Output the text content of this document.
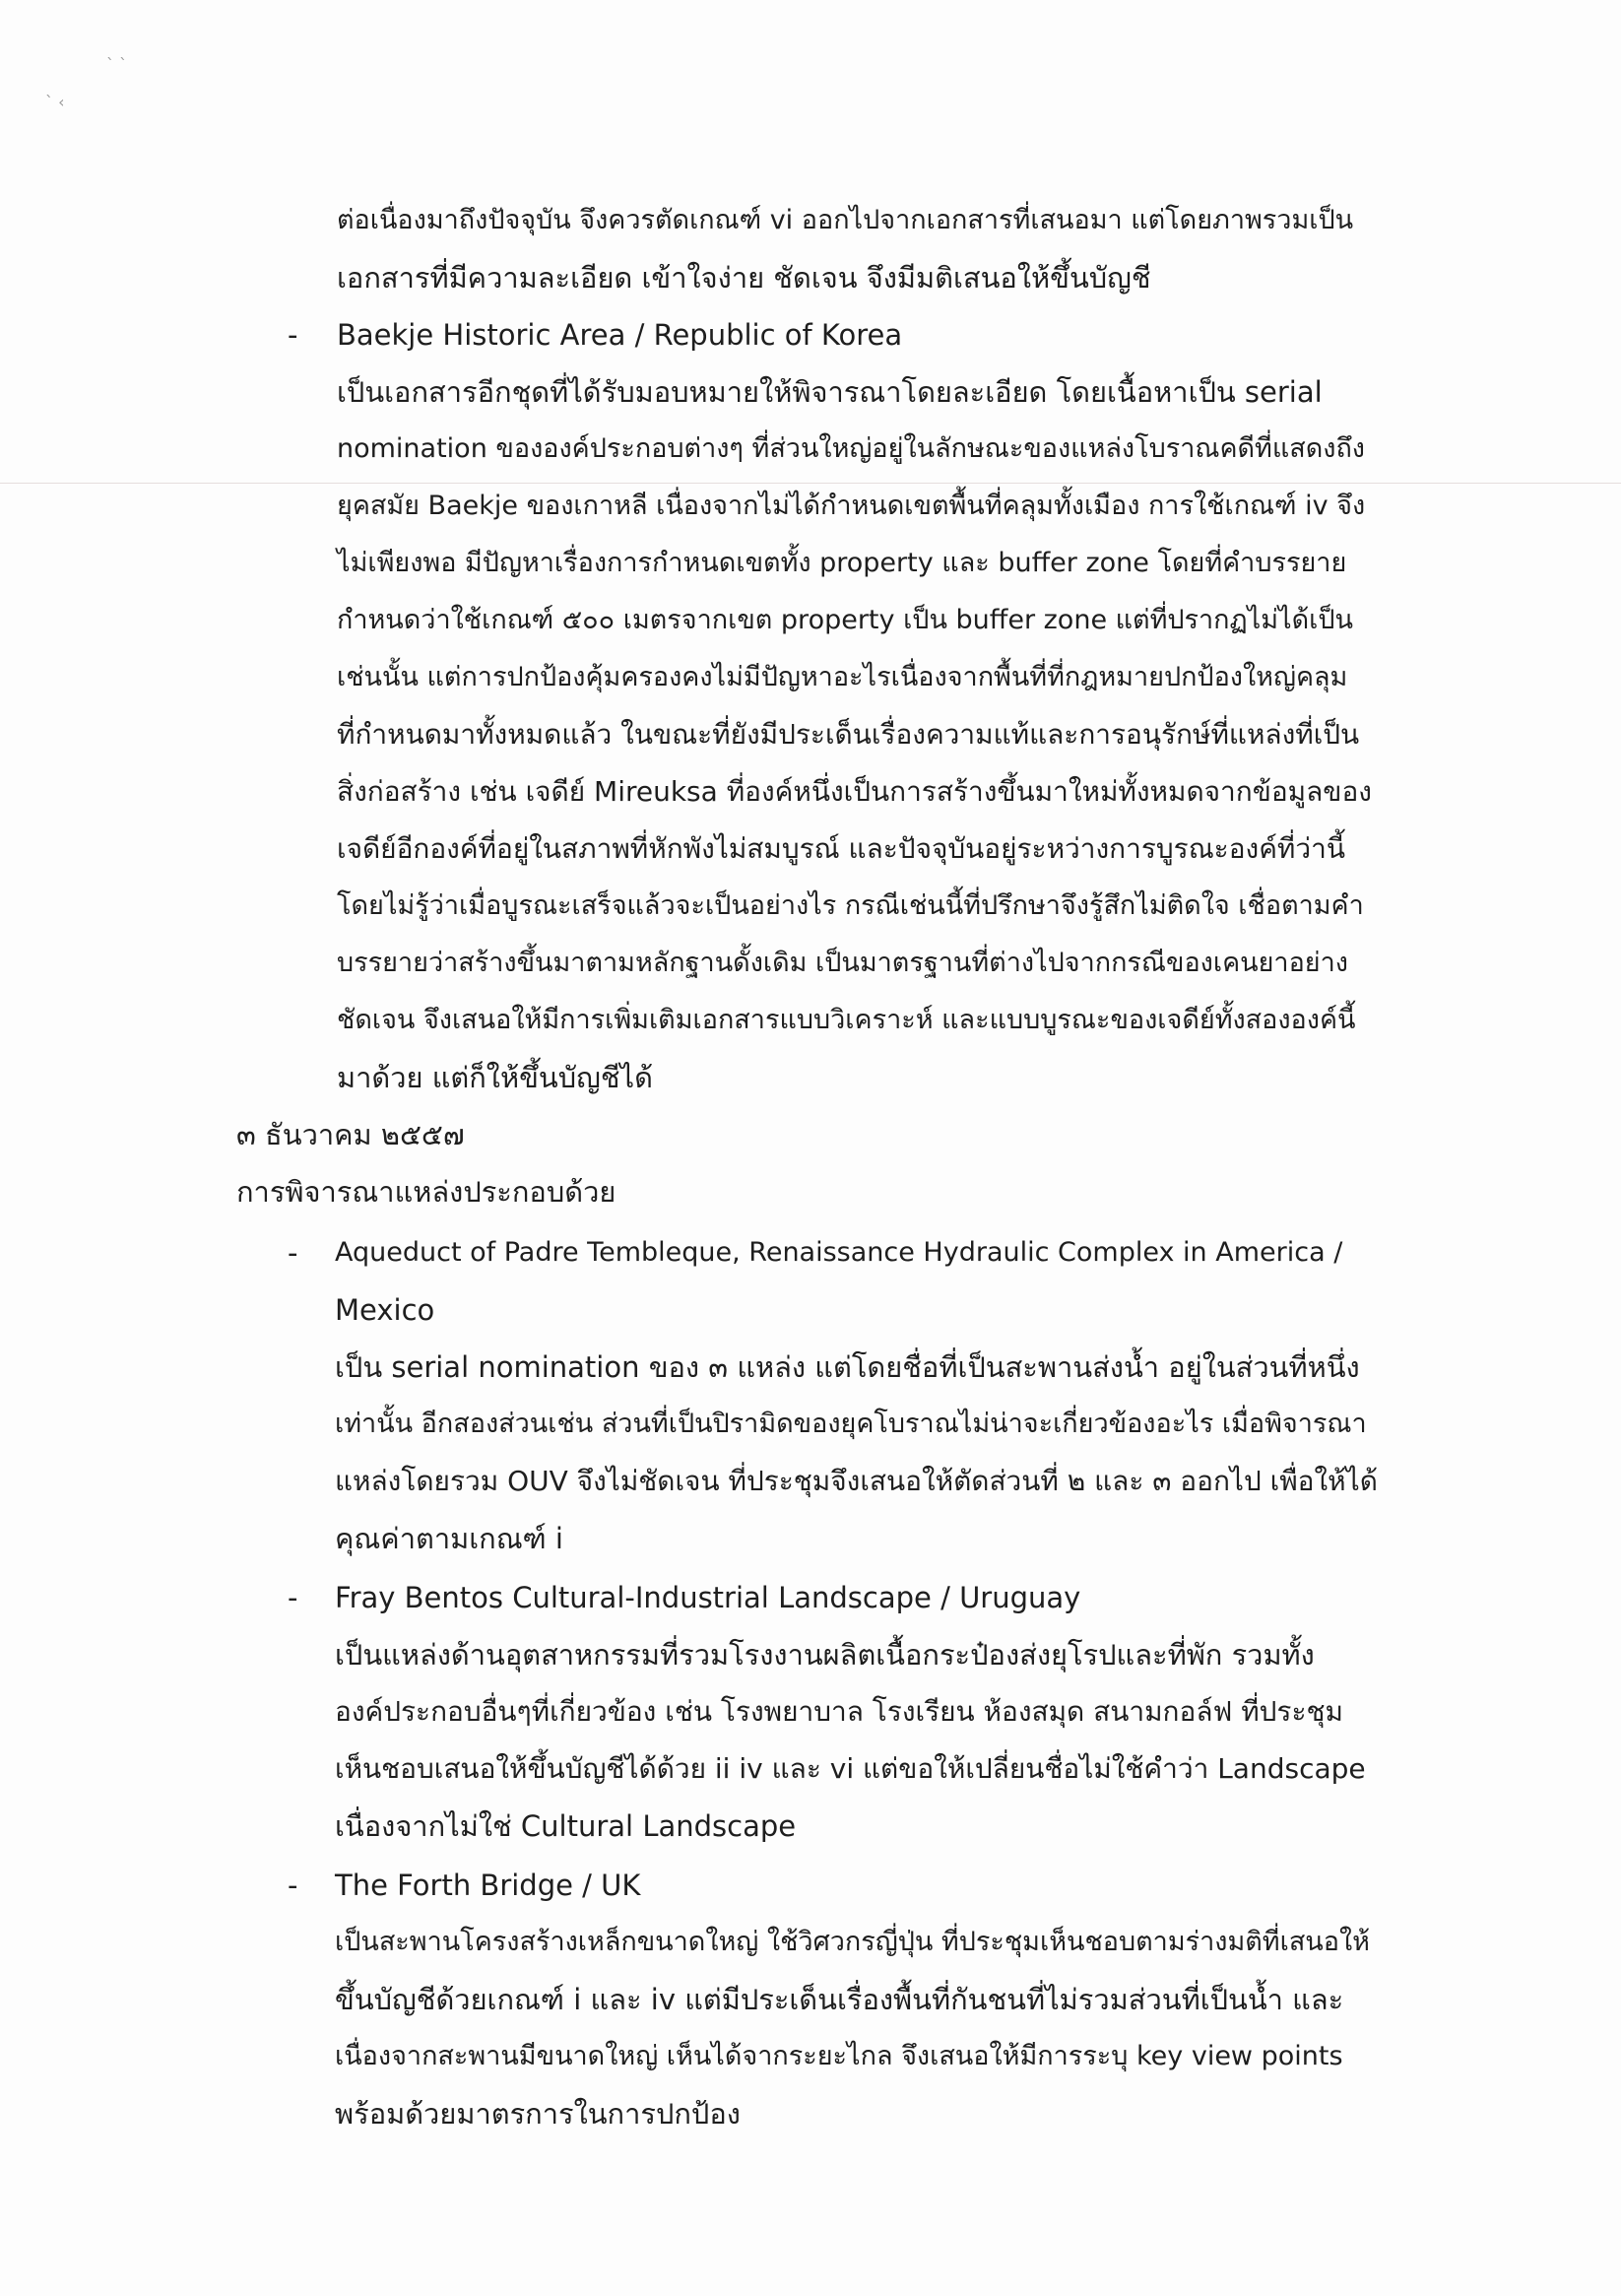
` `
` ‹
ต่อเนื่องมาถึงปัจจุบัน จึงควรตัดเกณฑ์ vi ออกไปจากเอกสารที่เสนอมา แต่โดยภาพรวมเป็น
เอกสารที่มีความละเอียด เข้าใจง่าย ชัดเจน จึงมีมติเสนอให้ขึ้นบัญชี
- Baekje Historic Area / Republic of Korea
เป็นเอกสารอีกชุดที่ได้รับมอบหมายให้พิจารณาโดยละเอียด โดยเนื้อหาเป็น serial
nomination ขององค์ประกอบต่างๆ ที่ส่วนใหญ่อยู่ในลักษณะของแหล่งโบราณคดีที่แสดงถึง
ยุคสมัย Baekje ของเกาหลี เนื่องจากไม่ได้กำหนดเขตพื้นที่คลุมทั้งเมือง การใช้เกณฑ์ iv จึง
ไม่เพียงพอ มีปัญหาเรื่องการกำหนดเขตทั้ง property และ buffer zone โดยที่คำบรรยาย
กำหนดว่าใช้เกณฑ์ ๕๐๐ เมตรจากเขต property เป็น buffer zone แต่ที่ปรากฏไม่ได้เป็น
เช่นนั้น แต่การปกป้องคุ้มครองคงไม่มีปัญหาอะไรเนื่องจากพื้นที่ที่กฎหมายปกป้องใหญ่คลุม
ที่กำหนดมาทั้งหมดแล้ว ในขณะที่ยังมีประเด็นเรื่องความแท้และการอนุรักษ์ที่แหล่งที่เป็น
สิ่งก่อสร้าง เช่น เจดีย์ Mireuksa ที่องค์หนึ่งเป็นการสร้างขึ้นมาใหม่ทั้งหมดจากข้อมูลของ
เจดีย์อีกองค์ที่อยู่ในสภาพที่หักพังไม่สมบูรณ์ และปัจจุบันอยู่ระหว่างการบูรณะองค์ที่ว่านี้
โดยไม่รู้ว่าเมื่อบูรณะเสร็จแล้วจะเป็นอย่างไร กรณีเช่นนี้ที่ปรึกษาจึงรู้สึกไม่ติดใจ เชื่อตามคำ
บรรยายว่าสร้างขึ้นมาตามหลักฐานดั้งเดิม เป็นมาตรฐานที่ต่างไปจากกรณีของเคนยาอย่าง
ชัดเจน จึงเสนอให้มีการเพิ่มเติมเอกสารแบบวิเคราะห์ และแบบบูรณะของเจดีย์ทั้งสององค์นี้
มาด้วย แต่ก็ให้ขึ้นบัญชีได้
๓ ธันวาคม ๒๕๕๗
การพิจารณาแหล่งประกอบด้วย
- Aqueduct of Padre Tembleque, Renaissance Hydraulic Complex in America /
Mexico
เป็น serial nomination ของ ๓ แหล่ง แต่โดยชื่อที่เป็นสะพานส่งน้ำ อยู่ในส่วนที่หนึ่ง
เท่านั้น อีกสองส่วนเช่น ส่วนที่เป็นปิรามิดของยุคโบราณไม่น่าจะเกี่ยวข้องอะไร เมื่อพิจารณา
แหล่งโดยรวม OUV จึงไม่ชัดเจน ที่ประชุมจึงเสนอให้ตัดส่วนที่ ๒ และ ๓ ออกไป เพื่อให้ได้
คุณค่าตามเกณฑ์ i
- Fray Bentos Cultural-Industrial Landscape / Uruguay
เป็นแหล่งด้านอุตสาหกรรมที่รวมโรงงานผลิตเนื้อกระป๋องส่งยุโรปและที่พัก รวมทั้ง
องค์ประกอบอื่นๆที่เกี่ยวข้อง เช่น โรงพยาบาล โรงเรียน ห้องสมุด สนามกอล์ฟ ที่ประชุม
เห็นชอบเสนอให้ขึ้นบัญชีได้ด้วย ii iv และ vi แต่ขอให้เปลี่ยนชื่อไม่ใช้คำว่า Landscape
เนื่องจากไม่ใช่ Cultural Landscape
- The Forth Bridge / UK
เป็นสะพานโครงสร้างเหล็กขนาดใหญ่ ใช้วิศวกรญี่ปุ่น ที่ประชุมเห็นชอบตามร่างมติที่เสนอให้
ขึ้นบัญชีด้วยเกณฑ์ i และ iv แต่มีประเด็นเรื่องพื้นที่กันชนที่ไม่รวมส่วนที่เป็นน้ำ และ
เนื่องจากสะพานมีขนาดใหญ่ เห็นได้จากระยะไกล จึงเสนอให้มีการระบุ key view points
พร้อมด้วยมาตรการในการปกป้อง
